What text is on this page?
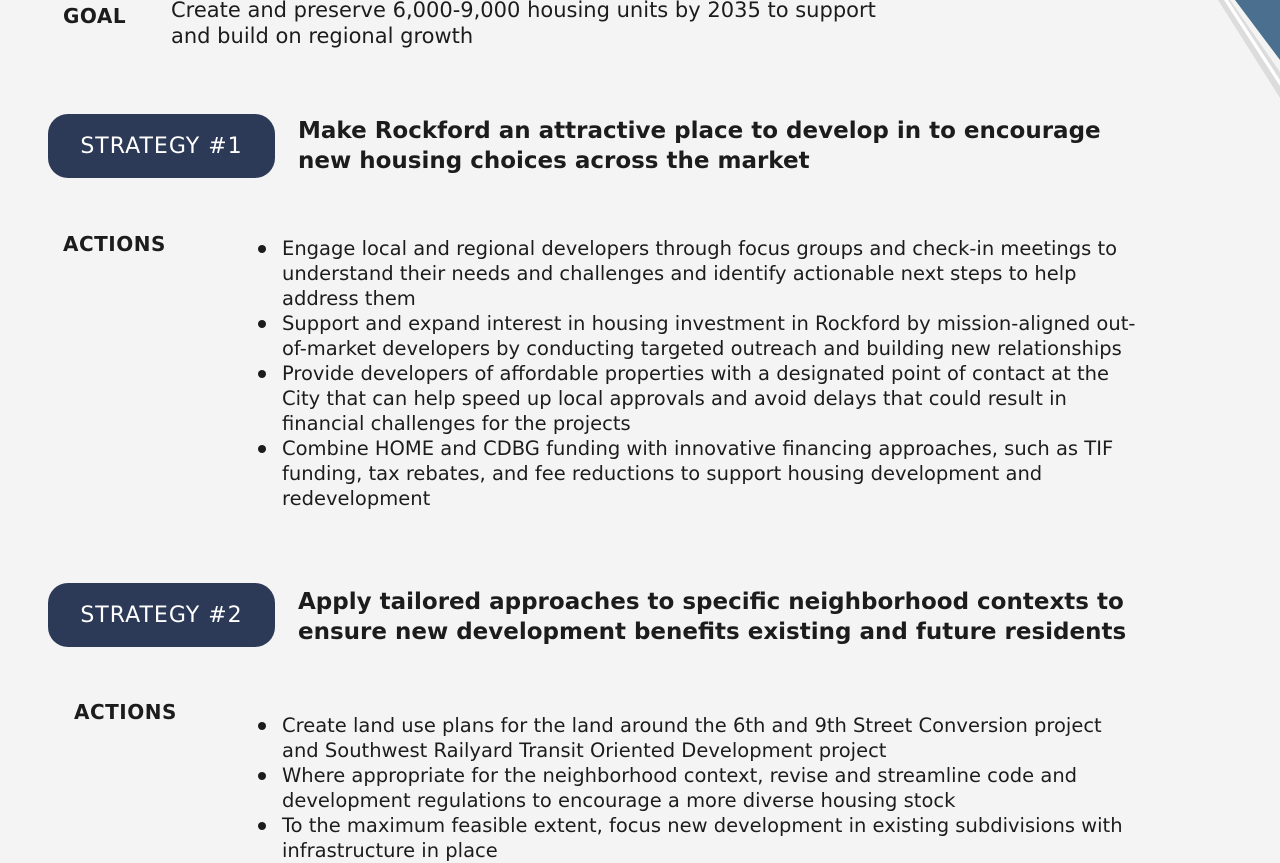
GOAL Create and preserve 6,000-9,000 housing units by 2035 to support
and build on regional growth
STRATEGY #1
Make Rockford an attractive place to develop in to encourage
new housing choices across the market
ACTIONS	Engage local and regional developers through focus groups and check-in meetings to
understand their needs and challenges and identify actionable next steps to help
address them
Support and expand interest in housing investment in Rockford by mission-aligned out-
of-market developers by conducting targeted outreach and building new relationships
Provide developers of affordable properties with a designated point of contact at the
City that can help speed up local approvals and avoid delays that could result in
financial challenges for the projects
Combine HOME and CDBG funding with innovative financing approaches, such as TIF
funding, tax rebates, and fee reductions to support housing development and
redevelopment
STRATEGY #2	Apply tailored approaches to specific neighborhood contexts to
ensure new development benefits existing and future residents
ACTIONS
Create land use plans for the land around the 6th and 9th Street Conversion project
and Southwest Railyard Transit Oriented Development project
Where appropriate for the neighborhood context, revise and streamline code and
development regulations to encourage a more diverse housing stock
To the maximum feasible extent, focus new development in existing subdivisions with
infrastructure in place
